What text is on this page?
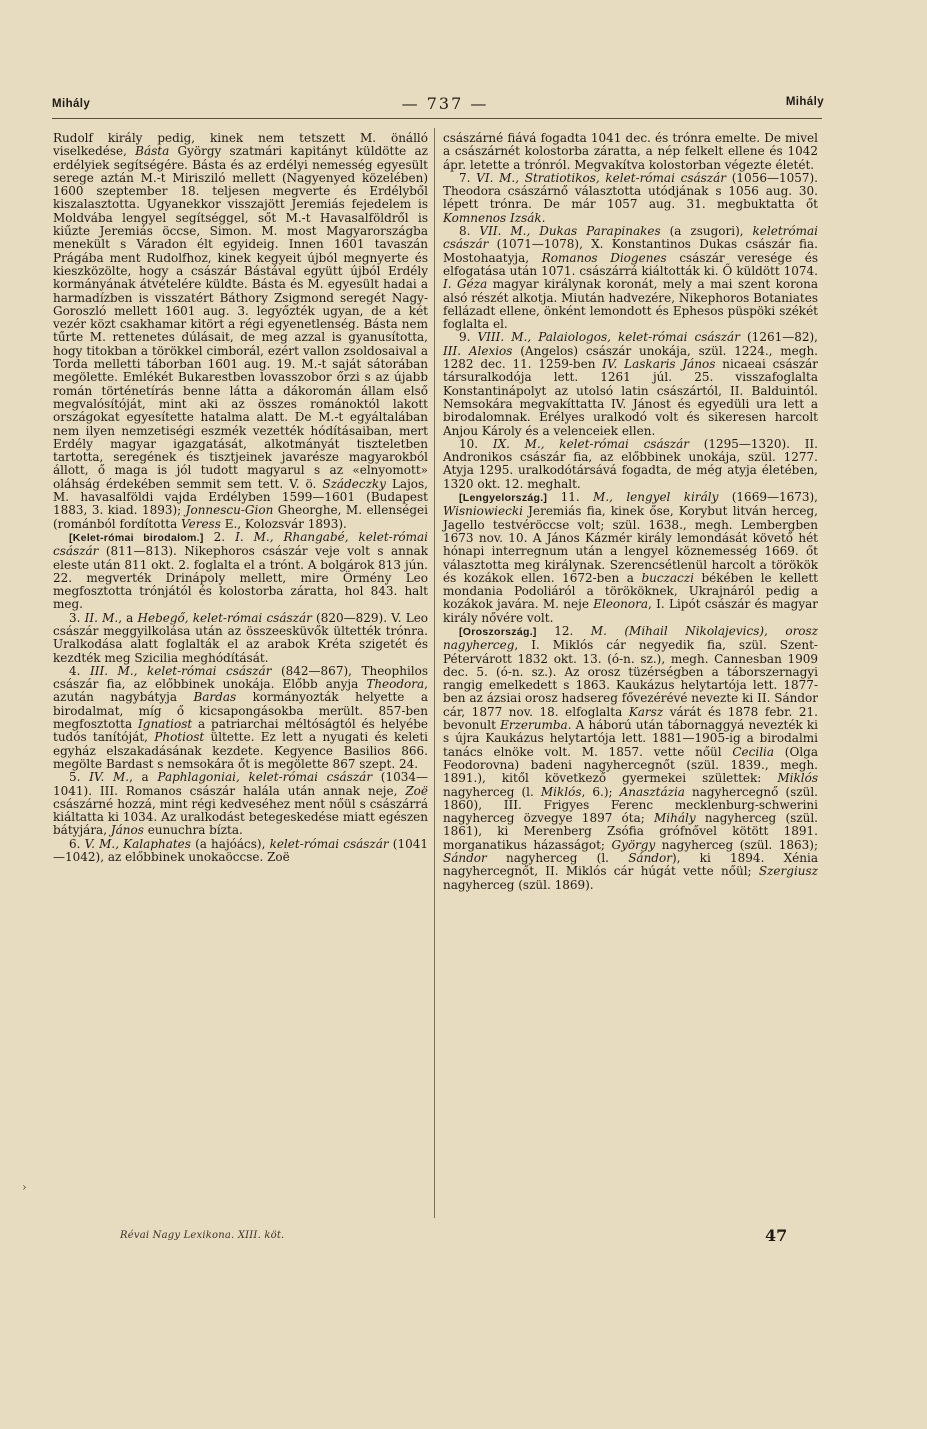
Mihály	— 737 —	Mihály

Rudolf király pedig, kinek nem tetszett M. önálló viselkedése, Básta György szatmári kapitányt küldötte az erdélyiek segítségére. Básta és az erdélyi nemesség egyesült serege aztán M.-t Mirisziló mellett (Nagyenyed közelében) 1600 szeptember 18. teljesen megverte és Erdélyből kiszalasztotta. Ugyanekkor visszajött Jeremiás fejedelem is Moldvába lengyel segítséggel, sőt M.-t Havasalföldről is kiűzte Jeremiás öccse, Simon. M. most Magyarországba menekült s Váradon élt egyideig. Innen 1601 tavaszán Prágába ment Rudolfhoz, kinek kegyeit újból megnyerte és kieszközölte, hogy a császár Bástával együtt újból Erdély kormányának átvételére küldte. Básta és M. egyesült hadai a harmadízben is visszatért Báthory Zsigmond seregét Nagy-Goroszló mellett 1601 aug. 3. legyőzték ugyan, de a két vezér közt csakhamar kitört a régi egyenetlenség. Básta nem tűrte M. rettenetes dúlásait, de meg azzal is gyanusította, hogy titokban a törökkel cimborál, ezért vallon zsoldosaival a Torda melletti táborban 1601 aug. 19. M.-t saját sátorában megölette. Emlékét Bukarestben lovasszobor őrzi s az újabb román történetírás benne látta a dákoromán állam első megvalósítóját, mint aki az összes románoktól lakott országokat egyesítette hatalma alatt. De M.-t egyáltalában nem ilyen nemzetiségi eszmék vezették hódításaiban, mert Erdély magyar igazgatását, alkotmányát tiszteletben tartotta, seregének és tisztjeinek javarésze magyarokból állott, ő maga is jól tudott magyarul s az «elnyomott» oláhság érdekében semmit sem tett. V. ö. Szádeczky Lajos, M. havasalföldi vajda Erdélyben 1599—1601 (Budapest 1883, 3. kiad. 1893); Jonnescu-Gion Gheorghe, M. ellenségei (románból fordította Veress E., Kolozsvár 1893).

[Kelet-római birodalom.] 2. I. M., Rhangabé, kelet-római császár (811—813). Nikephoros császár veje volt s annak eleste után 811 okt. 2. foglalta el a trónt. A bolgárok 813 jún. 22. megverték Drinápoly mellett, mire Örmény Leo megfosztotta trónjától és kolostorba záratta, hol 843. halt meg.

3. II. M., a Hebegő, kelet-római császár (820—829). V. Leo császár meggyilkolása után az összeesküvők ültették trónra. Uralkodása alatt foglalták el az arabok Kréta szigetét és kezdték meg Szicilia meghódítását.

4. III. M., kelet-római császár (842—867), Theophilos császár fia, az előbbinek unokája. Előbb anyja Theodora, azután nagybátyja Bardas kormányozták helyette a birodalmat, míg ő kicsapongásokba merült. 857-ben megfosztotta Ignatiost a patriarchai méltóságtól és helyébe tudós tanítóját, Photiost ültette. Ez lett a nyugati és keleti egyház elszakadásának kezdete. Kegyence Basilios 866. megölte Bardast s nemsokára őt is megölette 867 szept. 24.

5. IV. M., a Paphlagoniai, kelet-római császár (1034—1041). III. Romanos császár halála után annak neje, Zoë császárné hozzá, mint régi kedveséhez ment nőül s császárrá kiáltatta ki 1034. Az uralkodást betegeskedése miatt egészen bátyjára, János eunuchra bízta.

6. V. M., Kalaphates (a hajóács), kelet-római császár (1041—1042), az előbbinek unokaöccse. Zoë

császárné fiává fogadta 1041 dec. és trónra emelte. De mivel a császárnét kolostorba záratta, a nép felkelt ellene és 1042 ápr. letette a trónról. Megvakítva kolostorban végezte életét.

7. VI. M., Stratiotikos, kelet-római császár (1056—1057). Theodora császárnő választotta utódjának s 1056 aug. 30. lépett trónra. De már 1057 aug. 31. megbuktatta őt Komnenos Izsák.

8. VII. M., Dukas Parapinakes (a zsugori), keletrómai császár (1071—1078), X. Konstantinos Dukas császár fia. Mostohaatyja, Romanos Diogenes császár veresége és elfogatása után 1071. császárrá kiáltották ki. Ő küldött 1074. I. Géza magyar királynak koronát, mely a mai szent korona alsó részét alkotja. Miután hadvezére, Nikephoros Botaniates fellázadt ellene, önként lemondott és Ephesos püspöki székét foglalta el.

9. VIII. M., Palaiologos, kelet-római császár (1261—82), III. Alexios (Angelos) császár unokája, szül. 1224., megh. 1282 dec. 11. 1259-ben IV. Laskaris János nicaeai császár társuralkodója lett. 1261 júl. 25. visszafoglalta Konstantinápolyt az utolsó latin császártól, II. Balduintól. Nemsokára megvakíttatta IV. Jánost és egyedüli ura lett a birodalomnak. Erélyes uralkodó volt és sikeresen harcolt Anjou Károly és a velenceiek ellen.

10. IX. M., kelet-római császár (1295—1320). II. Andronikos császár fia, az előbbinek unokája, szül. 1277. Atyja 1295. uralkodótársává fogadta, de még atyja életében, 1320 okt. 12. meghalt.

[Lengyelország.] 11. M., lengyel király (1669—1673), Wisniowiecki Jeremiás fia, kinek őse, Korybut litván herceg, Jagello testvéröccse volt; szül. 1638., megh. Lembergben 1673 nov. 10. A János Kázmér király lemondását követő hét hónapi interregnum után a lengyel köznemesség 1669. őt választotta meg királynak. Szerencsétlenül harcolt a törökök és kozákok ellen. 1672-ben a buczaczi békében le kellett mondania Podoliáról a törököknek, Ukrajnáról pedig a kozákok javára. M. neje Eleonora, I. Lipót császár és magyar király nővére volt.

[Oroszország.] 12. M. (Mihail Nikolajevics), orosz nagyherceg, I. Miklós cár negyedik fia, szül. Szent-Pétervárott 1832 okt. 13. (ó-n. sz.), megh. Cannesban 1909 dec. 5. (ó-n. sz.). Az orosz tüzérségben a táborszernagyi rangig emelkedett s 1863. Kaukázus helytartója lett. 1877-ben az ázsiai orosz hadsereg fővezérévé nevezte ki II. Sándor cár, 1877 nov. 18. elfoglalta Karsz várát és 1878 febr. 21. bevonult Erzerumba. A háború után tábornaggyá nevezték ki s újra Kaukázus helytartója lett. 1881—1905-ig a birodalmi tanács elnöke volt. M. 1857. vette nőül Cecilia (Olga Feodorovna) badeni nagyhercegnőt (szül. 1839., megh. 1891.), kitől következő gyermekei születtek: Miklós nagyherceg (l. Miklós, 6.); Anasztázia nagyhercegnő (szül. 1860), III. Frigyes Ferenc mecklenburg-schwerini nagyherceg özvegye 1897 óta; Mihály nagyherceg (szül. 1861), ki Merenberg Zsófia grófnővel kötött 1891. morganatikus házasságot; György nagyherceg (szül. 1863); Sándor nagyherceg (l. Sándor), ki 1894. Xénia nagyhercegnőt, II. Miklós cár húgát vette nőül; Szergiusz nagyherceg (szül. 1869).

›
Révai Nagy Lexikona. XIII. köt.	47
